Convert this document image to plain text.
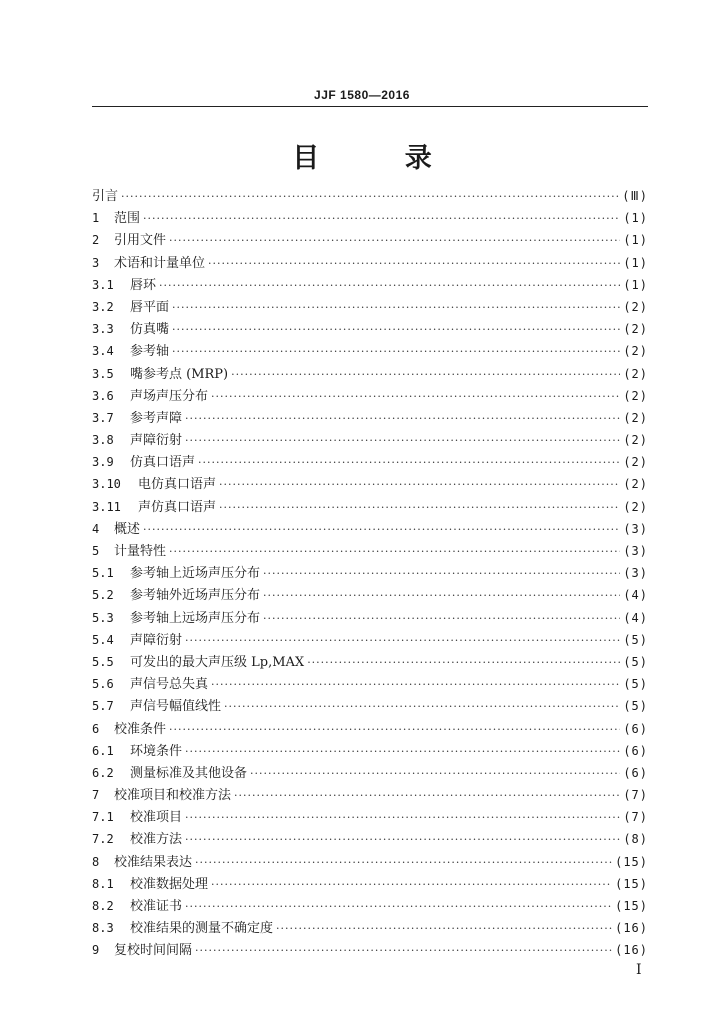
JJF 1580—2016
目 录
引言 ·····	(Ⅲ)
1	范围 ·····	(1)
2	引用文件 ·····	(1)
3	术语和计量单位 ·····	(1)
3.1	唇环 ·····	(1)
3.2	唇平面 ·····	(2)
3.3	仿真嘴 ·····	(2)
3.4	参考轴 ·····	(2)
3.5	嘴参考点 (MRP) ·····	(2)
3.6	声场声压分布 ·····	(2)
3.7	参考声障 ·····	(2)
3.8	声障衍射 ·····	(2)
3.9	仿真口语声 ·····	(2)
3.10	电仿真口语声 ·····	(2)
3.11	声仿真口语声 ·····	(2)
4	概述 ·····	(3)
5	计量特性 ·····	(3)
5.1	参考轴上近场声压分布 ·····	(3)
5.2	参考轴外近场声压分布 ·····	(4)
5.3	参考轴上远场声压分布 ·····	(4)
5.4	声障衍射 ·····	(5)
5.5	可发出的最大声压级 Lp,MAX ·····	(5)
5.6	声信号总失真 ·····	(5)
5.7	声信号幅值线性 ·····	(5)
6	校准条件 ·····	(6)
6.1	环境条件 ·····	(6)
6.2	测量标准及其他设备 ·····	(6)
7	校准项目和校准方法 ·····	(7)
7.1	校准项目 ·····	(7)
7.2	校准方法 ·····	(8)
8	校准结果表达 ·····	(15)
8.1	校准数据处理 ·····	(15)
8.2	校准证书 ·····	(15)
8.3	校准结果的测量不确定度 ·····	(16)
9	复校时间间隔 ·····	(16)
I
